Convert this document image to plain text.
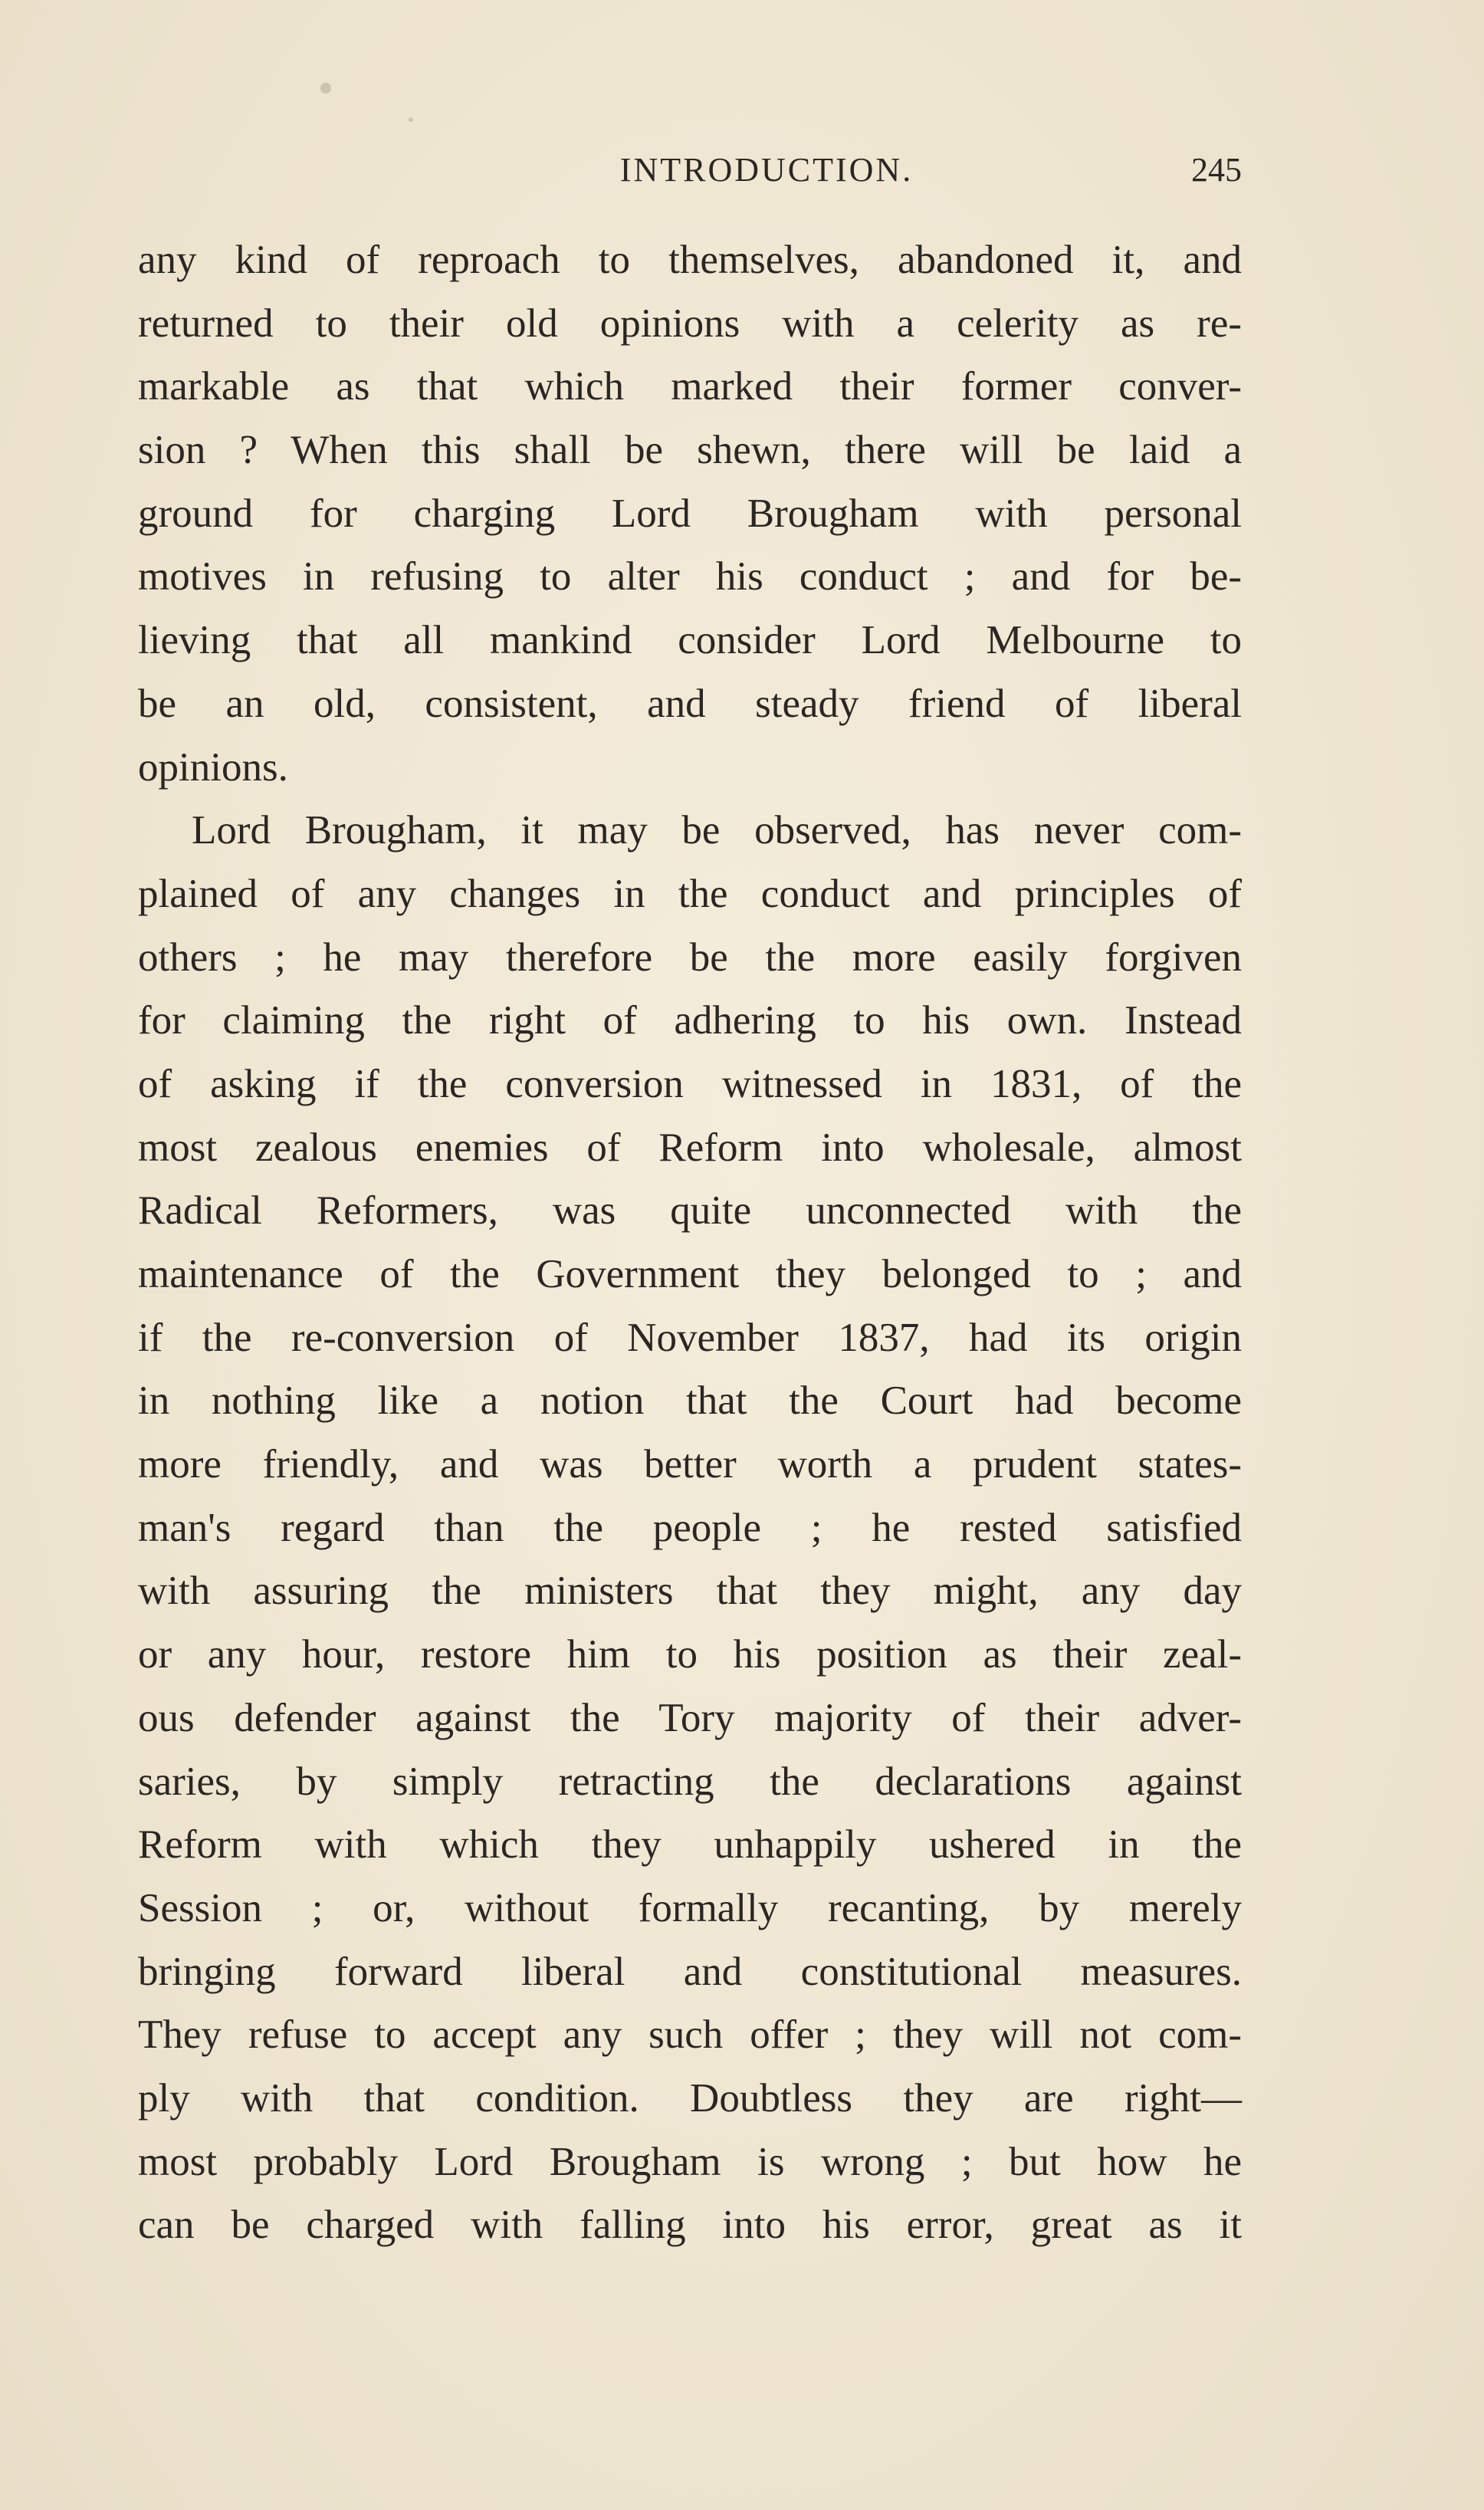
INTRODUCTION.	245
any kind of reproach to themselves, abandoned it, and
returned to their old opinions with a celerity as re-
markable as that which marked their former conver-
sion ? When this shall be shewn, there will be laid a
ground for charging Lord Brougham with personal
motives in refusing to alter his conduct ; and for be-
lieving that all mankind consider Lord Melbourne to
be an old, consistent, and steady friend of liberal
opinions.
Lord Brougham, it may be observed, has never com-
plained of any changes in the conduct and principles of
others ; he may therefore be the more easily forgiven
for claiming the right of adhering to his own. Instead
of asking if the conversion witnessed in 1831, of the
most zealous enemies of Reform into wholesale, almost
Radical Reformers, was quite unconnected with the
maintenance of the Government they belonged to ; and
if the re-conversion of November 1837, had its origin
in nothing like a notion that the Court had become
more friendly, and was better worth a prudent states-
man's regard than the people ; he rested satisfied
with assuring the ministers that they might, any day
or any hour, restore him to his position as their zeal-
ous defender against the Tory majority of their adver-
saries, by simply retracting the declarations against
Reform with which they unhappily ushered in the
Session ; or, without formally recanting, by merely
bringing forward liberal and constitutional measures.
They refuse to accept any such offer ; they will not com-
ply with that condition. Doubtless they are right—
most probably Lord Brougham is wrong ; but how he
can be charged with falling into his error, great as it
